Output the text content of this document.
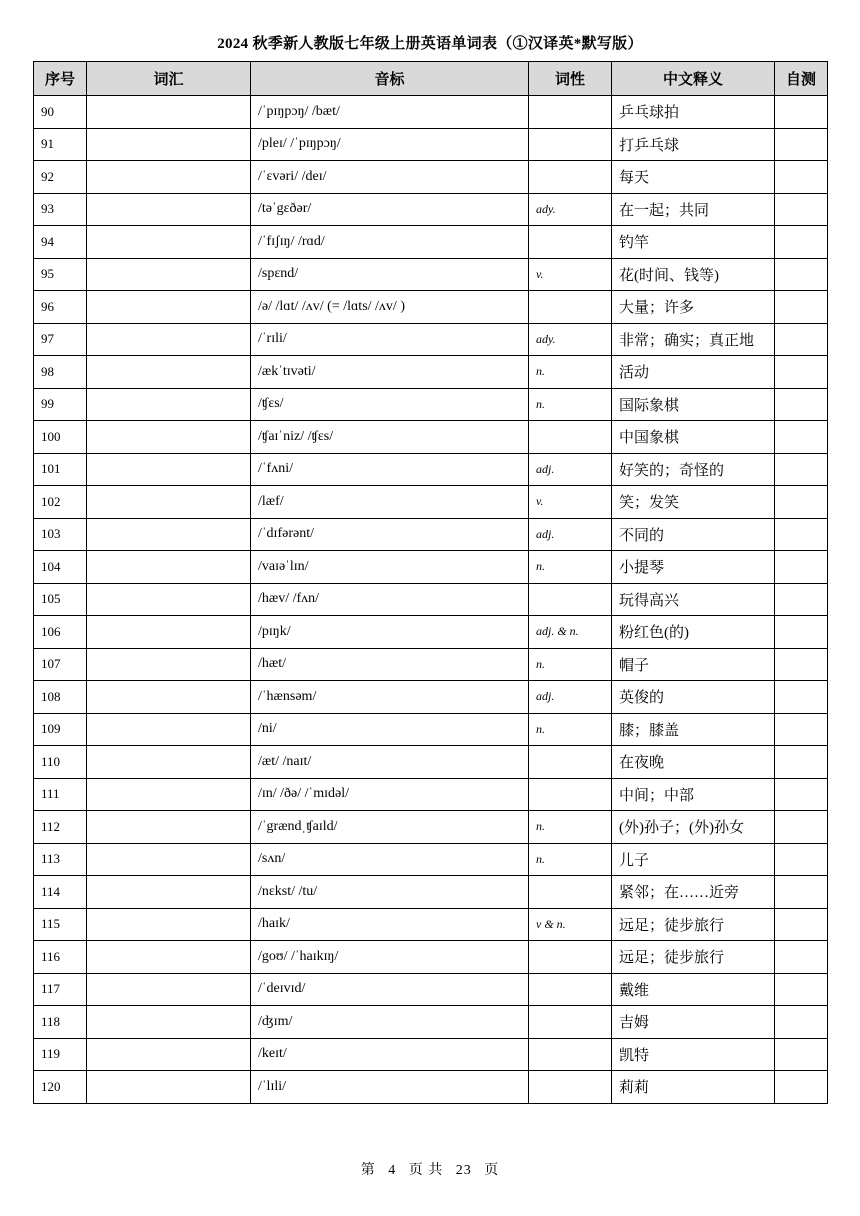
2024 秋季新人教版七年级上册英语单词表（①汉译英*默写版）
序号	词汇	音标	词性	中文释义	自测
90		/ˈpɪŋpɔŋ/ /bæt/		乒乓球拍	
91		/pleɪ/ /ˈpɪŋpɔŋ/		打乒乓球	
92		/ˈɛvəri/ /deɪ/		每天	
93		/təˈgɛðər/	ady.	在一起；共同	
94		/ˈfɪʃɪŋ/ /rɑd/		钓竿	
95		/spɛnd/	v.	花(时间、钱等)	
96		/ə/ /lɑt/ /ʌv/ (= /lɑts/ /ʌv/ )		大量；许多	
97		/ˈrɪli/	ady.	非常；确实；真正地	
98		/ækˈtɪvəti/	n.	活动	
99		/ʧɛs/	n.	国际象棋	
100		/ʧaɪˈniz/ /ʧɛs/		中国象棋	
101		/ˈfʌni/	adj.	好笑的；奇怪的	
102		/læf/	v.	笑；发笑	
103		/ˈdɪfərənt/	adj.	不同的	
104		/vaɪəˈlɪn/	n.	小提琴	
105		/hæv/ /fʌn/		玩得高兴	
106		/pɪŋk/	adj. & n.	粉红色(的)	
107		/hæt/	n.	帽子	
108		/ˈhænsəm/	adj.	英俊的	
109		/ni/	n.	膝；膝盖	
110		/æt/ /naɪt/		在夜晚	
111		/ɪn/ /ðə/ /ˈmɪdəl/		中间；中部	
112		/ˈgrændˌʧaɪld/	n.	(外)孙子；(外)孙女	
113		/sʌn/	n.	儿子	
114		/nɛkst/ /tu/		紧邻；在……近旁	
115		/haɪk/	v & n.	远足；徒步旅行	
116		/goʊ/ /ˈhaɪkɪŋ/		远足；徒步旅行	
117		/ˈdeɪvɪd/		戴维	
118		/ʤɪm/		吉姆	
119		/keɪt/		凯特	
120		/ˈlɪli/		莉莉	
第 4 页 共 23 页
